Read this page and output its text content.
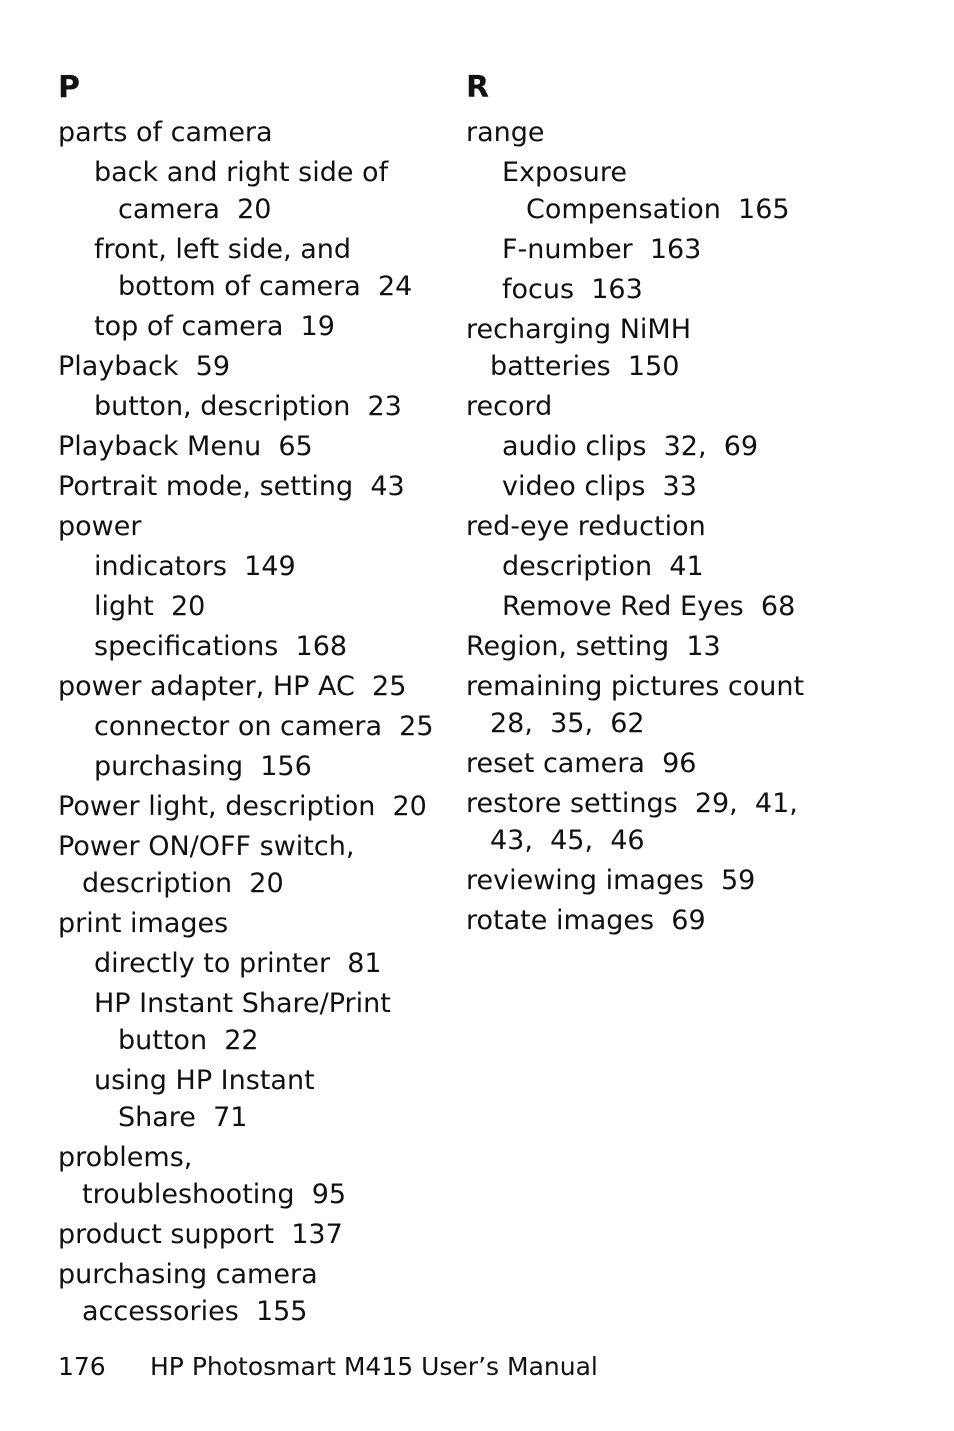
P
parts of camera
back and right side of camera  20
front, left side, and bottom of camera  24
top of camera  19
Playback  59
button, description  23
Playback Menu  65
Portrait mode, setting  43
power
indicators  149
light  20
specifications  168
power adapter, HP AC  25
connector on camera  25
purchasing  156
Power light, description  20
Power ON/OFF switch, description  20
print images
directly to printer  81
HP Instant Share/Print button  22
using HP Instant Share  71
problems, troubleshooting  95
product support  137
purchasing camera accessories  155
R
range
Exposure Compensation  165
F-number  163
focus  163
recharging NiMH batteries  150
record
audio clips  32,  69
video clips  33
red-eye reduction
description  41
Remove Red Eyes  68
Region, setting  13
remaining pictures count 28,  35,  62
reset camera  96
restore settings  29,  41, 43,  45,  46
reviewing images  59
rotate images  69
176 HP Photosmart M415 User’s Manual
